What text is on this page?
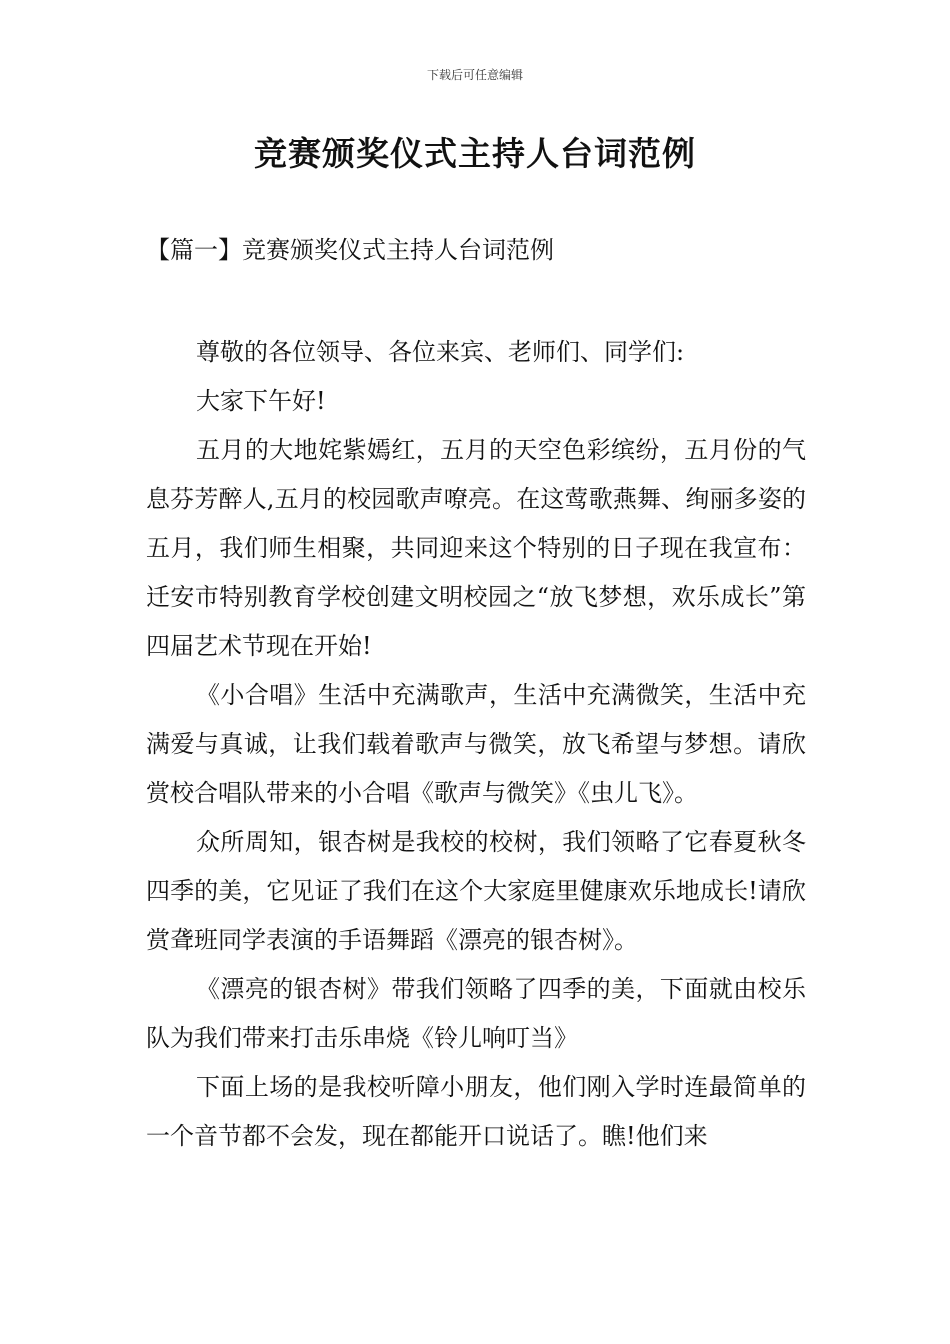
下载后可任意编辑
竞赛颁奖仪式主持人台词范例
【篇一】竞赛颁奖仪式主持人台词范例

尊敬的各位领导、各位来宾、老师们、同学们:

大家下午好!

五月的大地姹紫嫣红，五月的天空色彩缤纷，五月份的气息芬芳醉人,五月的校园歌声嘹亮。在这莺歌燕舞、绚丽多姿的五月，我们师生相聚，共同迎来这个特别的日子现在我宣布：迁安市特别教育学校创建文明校园之“放飞梦想，欢乐成长”第四届艺术节现在开始!

《小合唱》生活中充满歌声，生活中充满微笑，生活中充满爱与真诚，让我们载着歌声与微笑，放飞希望与梦想。请欣赏校合唱队带来的小合唱《歌声与微笑》《虫儿飞》。

众所周知，银杏树是我校的校树，我们领略了它春夏秋冬四季的美，它见证了我们在这个大家庭里健康欢乐地成长!请欣赏聋班同学表演的手语舞蹈《漂亮的银杏树》。

《漂亮的银杏树》带我们领略了四季的美，下面就由校乐队为我们带来打击乐串烧《铃儿响叮当》

下面上场的是我校听障小朋友，他们刚入学时连最简单的一个音节都不会发，现在都能开口说话了。瞧!他们来
